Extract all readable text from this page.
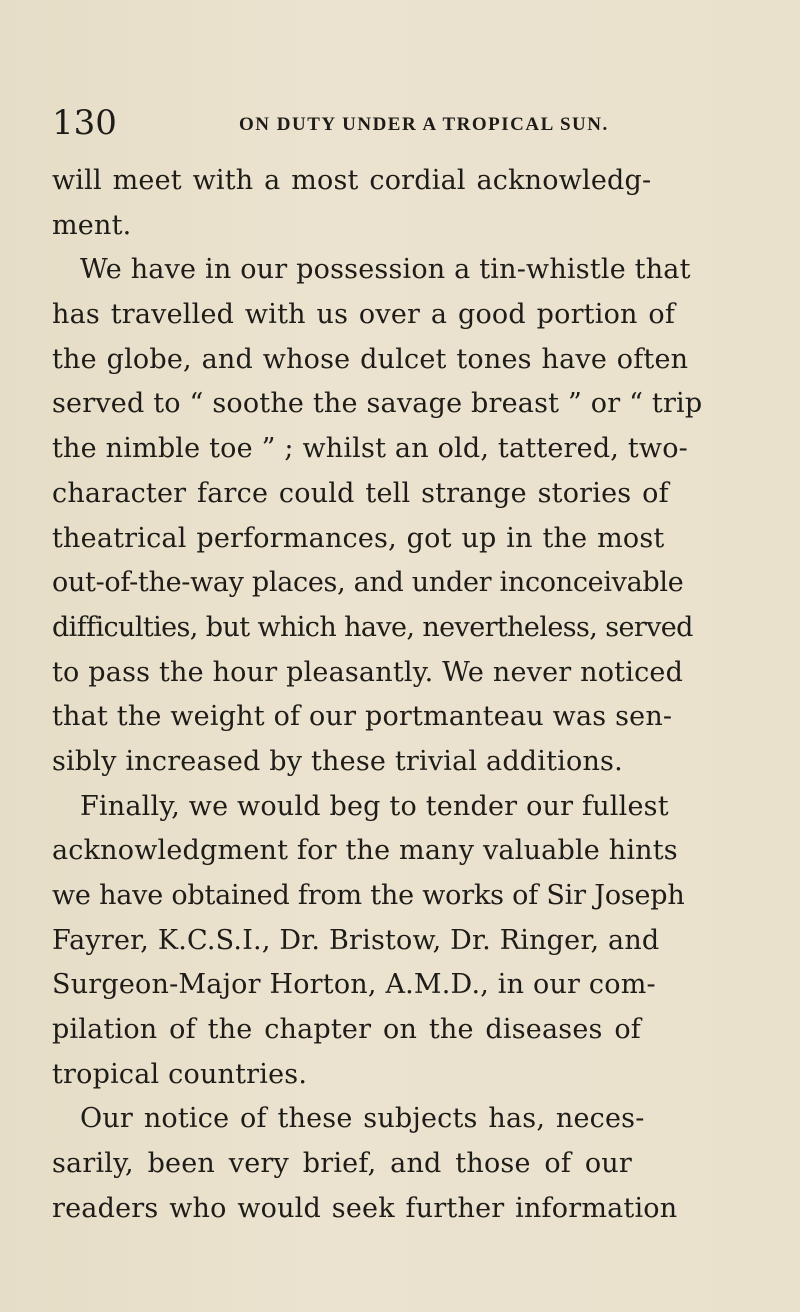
130	ON DUTY UNDER A TROPICAL SUN.
will meet with a most cordial acknowledg-
ment.
We have in our possession a tin-whistle that
has travelled with us over a good portion of
the globe, and whose dulcet tones have often
served to “ soothe the savage breast ” or “ trip
the nimble toe ” ; whilst an old, tattered, two-
character farce could tell strange stories of
theatrical performances, got up in the most
out-of-the-way places, and under inconceivable
difficulties, but which have, nevertheless, served
to pass the hour pleasantly. We never noticed
that the weight of our portmanteau was sen-
sibly increased by these trivial additions.
Finally, we would beg to tender our fullest
acknowledgment for the many valuable hints
we have obtained from the works of Sir Joseph
Fayrer, K.C.S.I., Dr. Bristow, Dr. Ringer, and
Surgeon-Major Horton, A.M.D., in our com-
pilation of the chapter on the diseases of
tropical countries.
Our notice of these subjects has, neces-
sarily, been very brief, and those of our
readers who would seek further information
